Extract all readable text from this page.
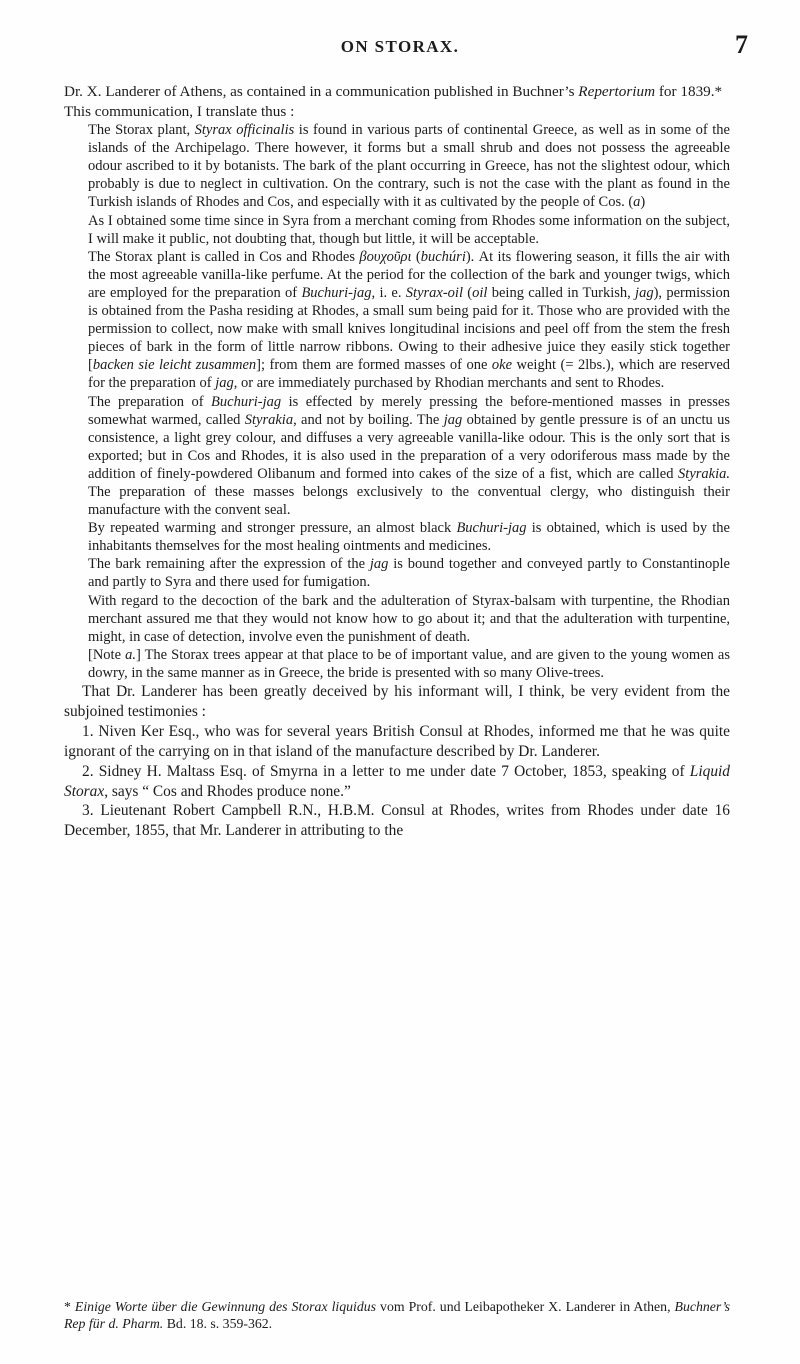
ON STORAX.	7

Dr. X. Landerer of Athens, as contained in a communication published in Buchner’s Repertorium for 1839.*

This communication, I translate thus :

The Storax plant, Styrax officinalis is found in various parts of continental Greece, as well as in some of the islands of the Archipelago. There however, it forms but a small shrub and does not possess the agreeable odour ascribed to it by botanists. The bark of the plant occurring in Greece, has not the slightest odour, which probably is due to neglect in cultivation. On the contrary, such is not the case with the plant as found in the Turkish islands of Rhodes and Cos, and especially with it as cultivated by the people of Cos. (a)

As I obtained some time since in Syra from a merchant coming from Rhodes some information on the subject, I will make it public, not doubting that, though but little, it will be acceptable.

The Storax plant is called in Cos and Rhodes βουχοῦρι (buchúri). At its flowering season, it fills the air with the most agreeable vanilla-like perfume. At the period for the collection of the bark and younger twigs, which are employed for the preparation of Buchuri-jag, i. e. Styrax-oil (oil being called in Turkish, jag), permission is obtained from the Pasha residing at Rhodes, a small sum being paid for it. Those who are provided with the permission to collect, now make with small knives longitudinal incisions and peel off from the stem the fresh pieces of bark in the form of little narrow ribbons. Owing to their adhesive juice they easily stick together [backen sie leicht zusammen]; from them are formed masses of one oke weight (= 2lbs.), which are reserved for the preparation of jag, or are immediately purchased by Rhodian merchants and sent to Rhodes.

The preparation of Buchuri-jag is effected by merely pressing the before-mentioned masses in presses somewhat warmed, called Styrakia, and not by boiling. The jag obtained by gentle pressure is of an unctu us consistence, a light grey colour, and diffuses a very agreeable vanilla-like odour. This is the only sort that is exported; but in Cos and Rhodes, it is also used in the preparation of a very odoriferous mass made by the addition of finely-powdered Olibanum and formed into cakes of the size of a fist, which are called Styrakia. The preparation of these masses belongs exclusively to the conventual clergy, who distinguish their manufacture with the convent seal.

By repeated warming and stronger pressure, an almost black Buchuri-jag is obtained, which is used by the inhabitants themselves for the most healing ointments and medicines.

The bark remaining after the expression of the jag is bound together and conveyed partly to Constantinople and partly to Syra and there used for fumigation.

With regard to the decoction of the bark and the adulteration of Styrax-balsam with turpentine, the Rhodian merchant assured me that they would not know how to go about it; and that the adulteration with turpentine, might, in case of detection, involve even the punishment of death.

[Note a.] The Storax trees appear at that place to be of important value, and are given to the young women as dowry, in the same manner as in Greece, the bride is presented with so many Olive-trees.

That Dr. Landerer has been greatly deceived by his informant will, I think, be very evident from the subjoined testimonies :

1. Niven Ker Esq., who was for several years British Consul at Rhodes, informed me that he was quite ignorant of the carrying on in that island of the manufacture described by Dr. Landerer.

2. Sidney H. Maltass Esq. of Smyrna in a letter to me under date 7 October, 1853, speaking of Liquid Storax, says “ Cos and Rhodes produce none.”

3. Lieutenant Robert Campbell R.N., H.B.M. Consul at Rhodes, writes from Rhodes under date 16 December, 1855, that Mr. Landerer in attributing to the

* Einige Worte über die Gewinnung des Storax liquidus vom Prof. und Leibapotheker X. Landerer in Athen, Buchner’s Rep für d. Pharm. Bd. 18. s. 359-362.
